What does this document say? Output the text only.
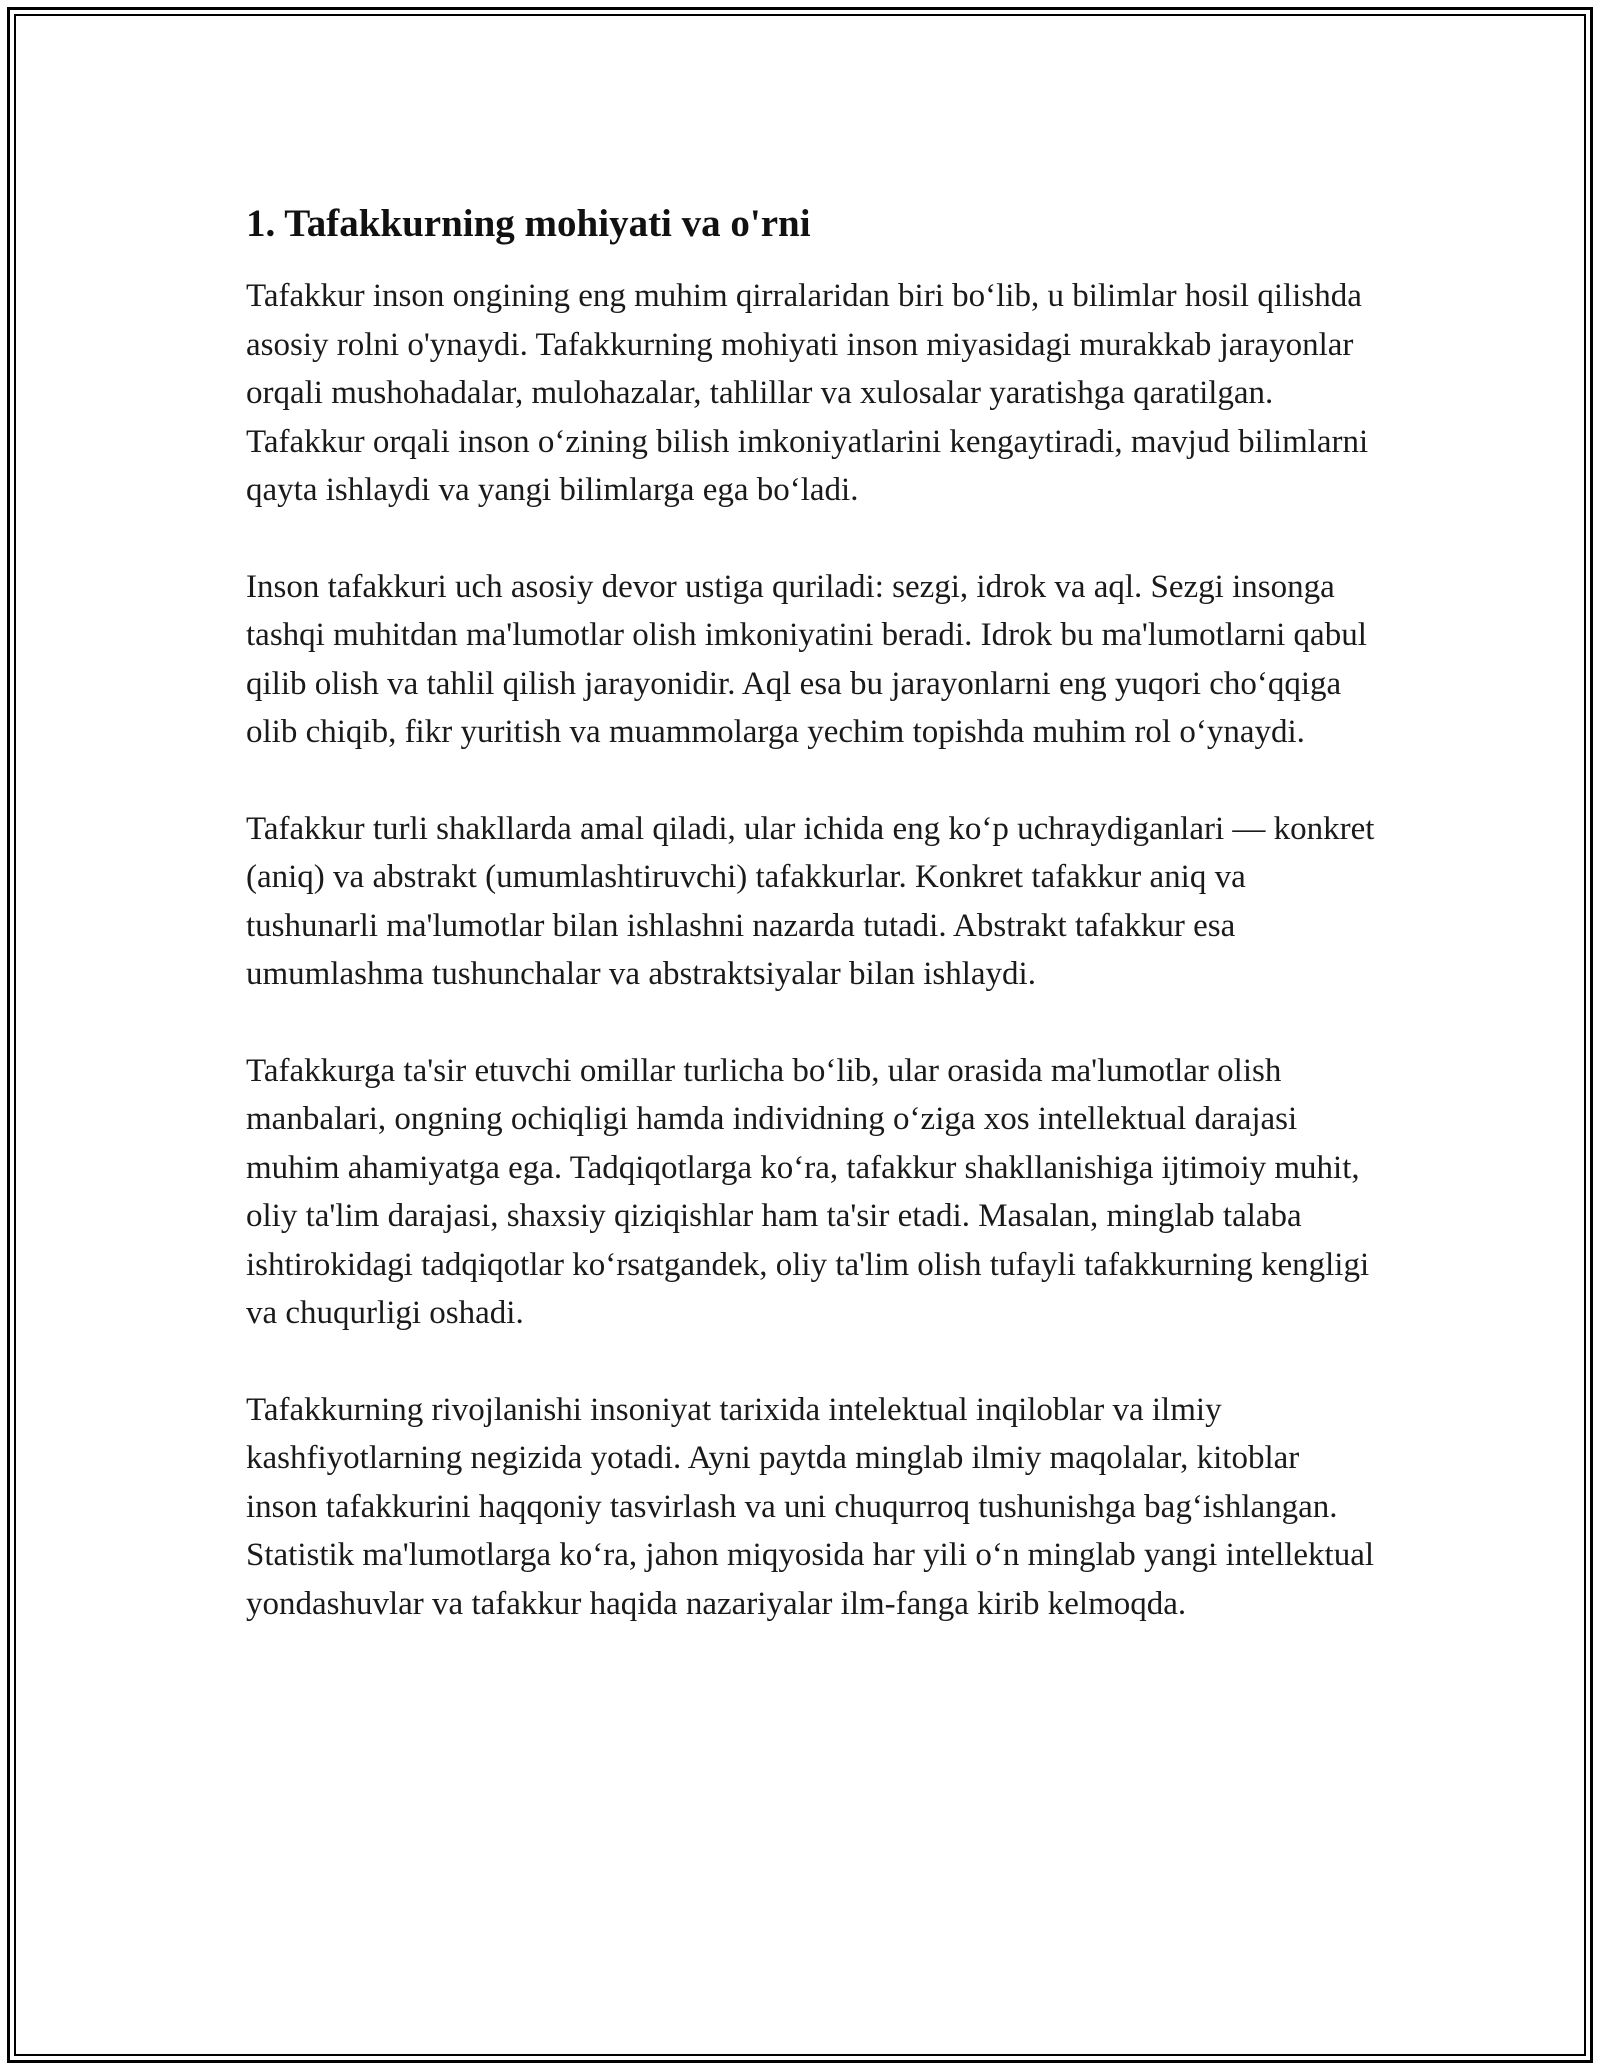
1. Tafakkurning mohiyati va o'rni

Tafakkur inson ongining eng muhim qirralaridan biri bo‘lib, u bilimlar hosil qilishda asosiy rolni o'ynaydi. Tafakkurning mohiyati inson miyasidagi murakkab jarayonlar orqali mushohadalar, mulohazalar, tahlillar va xulosalar yaratishga qaratilgan. Tafakkur orqali inson o‘zining bilish imkoniyatlarini kengaytiradi, mavjud bilimlarni qayta ishlaydi va yangi bilimlarga ega bo‘ladi.

Inson tafakkuri uch asosiy devor ustiga quriladi: sezgi, idrok va aql. Sezgi insonga tashqi muhitdan ma'lumotlar olish imkoniyatini beradi. Idrok bu ma'lumotlarni qabul qilib olish va tahlil qilish jarayonidir. Aql esa bu jarayonlarni eng yuqori cho‘qqiga olib chiqib, fikr yuritish va muammolarga yechim topishda muhim rol o‘ynaydi.

Tafakkur turli shakllarda amal qiladi, ular ichida eng ko‘p uchraydiganlari — konkret (aniq) va abstrakt (umumlashtiruvchi) tafakkurlar. Konkret tafakkur aniq va tushunarli ma'lumotlar bilan ishlashni nazarda tutadi. Abstrakt tafakkur esa umumlashma tushunchalar va abstraktsiyalar bilan ishlaydi.

Tafakkurga ta'sir etuvchi omillar turlicha bo‘lib, ular orasida ma'lumotlar olish manbalari, ongning ochiqligi hamda individning o‘ziga xos intellektual darajasi muhim ahamiyatga ega. Tadqiqotlarga ko‘ra, tafakkur shakllanishiga ijtimoiy muhit, oliy ta'lim darajasi, shaxsiy qiziqishlar ham ta'sir etadi. Masalan, minglab talaba ishtirokidagi tadqiqotlar ko‘rsatgandek, oliy ta'lim olish tufayli tafakkurning kengligi va chuqurligi oshadi.

Tafakkurning rivojlanishi insoniyat tarixida intelektual inqiloblar va ilmiy kashfiyotlarning negizida yotadi. Ayni paytda minglab ilmiy maqolalar, kitoblar inson tafakkurini haqqoniy tasvirlash va uni chuqurroq tushunishga bag‘ishlangan. Statistik ma'lumotlarga ko‘ra, jahon miqyosida har yili o‘n minglab yangi intellektual yondashuvlar va tafakkur haqida nazariyalar ilm-fanga kirib kelmoqda.
